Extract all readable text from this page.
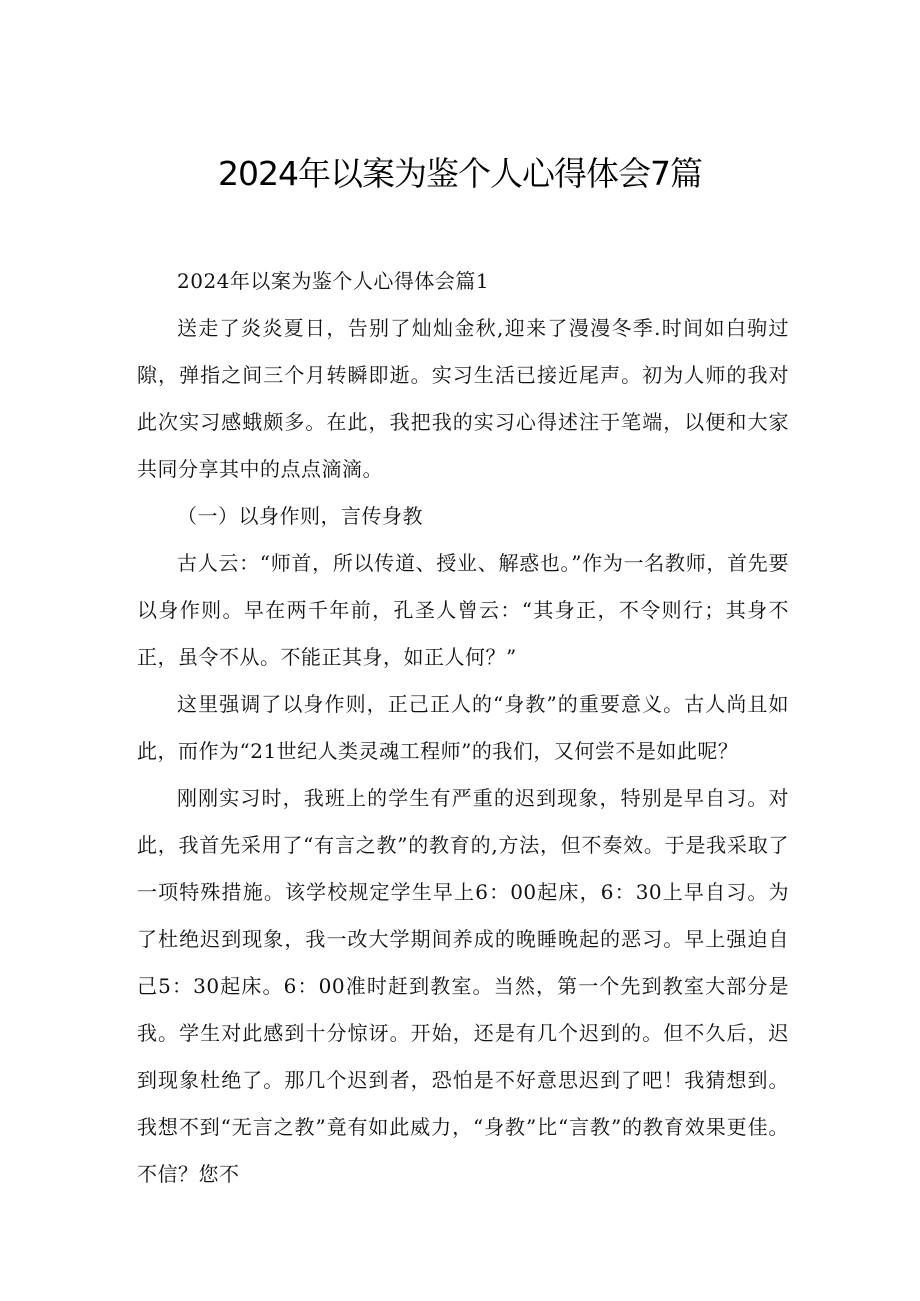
2024年以案为鉴个人心得体会7篇

2024年以案为鉴个人心得体会篇1

送走了炎炎夏日，告别了灿灿金秋,迎来了漫漫冬季.时间如白驹过隙，弹指之间三个月转瞬即逝。实习生活已接近尾声。初为人师的我对此次实习感蛾颇多。在此，我把我的实习心得述注于笔端，以便和大家共同分享其中的点点滴滴。

（一）以身作则，言传身教

古人云：“师首，所以传道、授业、解惑也。”作为一名教师，首先要以身作则。早在两千年前，孔圣人曾云：“其身正，不令则行；其身不正，虽令不从。不能正其身，如正人何？”

这里强调了以身作则，正己正人的“身教”的重要意义。古人尚且如此，而作为“21世纪人类灵魂工程师”的我们，又何尝不是如此呢？

刚刚实习时，我班上的学生有严重的迟到现象，特别是早自习。对此，我首先采用了“有言之教”的教育的,方法，但不奏效。于是我采取了一项特殊措施。该学校规定学生早上6：00起床，6：30上早自习。为了杜绝迟到现象，我一改大学期间养成的晚睡晚起的恶习。早上强迫自己5：30起床。6：00准时赶到教室。当然，第一个先到教室大部分是我。学生对此感到十分惊讶。开始，还是有几个迟到的。但不久后，迟到现象杜绝了。那几个迟到者，恐怕是不好意思迟到了吧！我猜想到。我想不到“无言之教”竟有如此威力，“身教”比“言教”的教育效果更佳。不信？您不
